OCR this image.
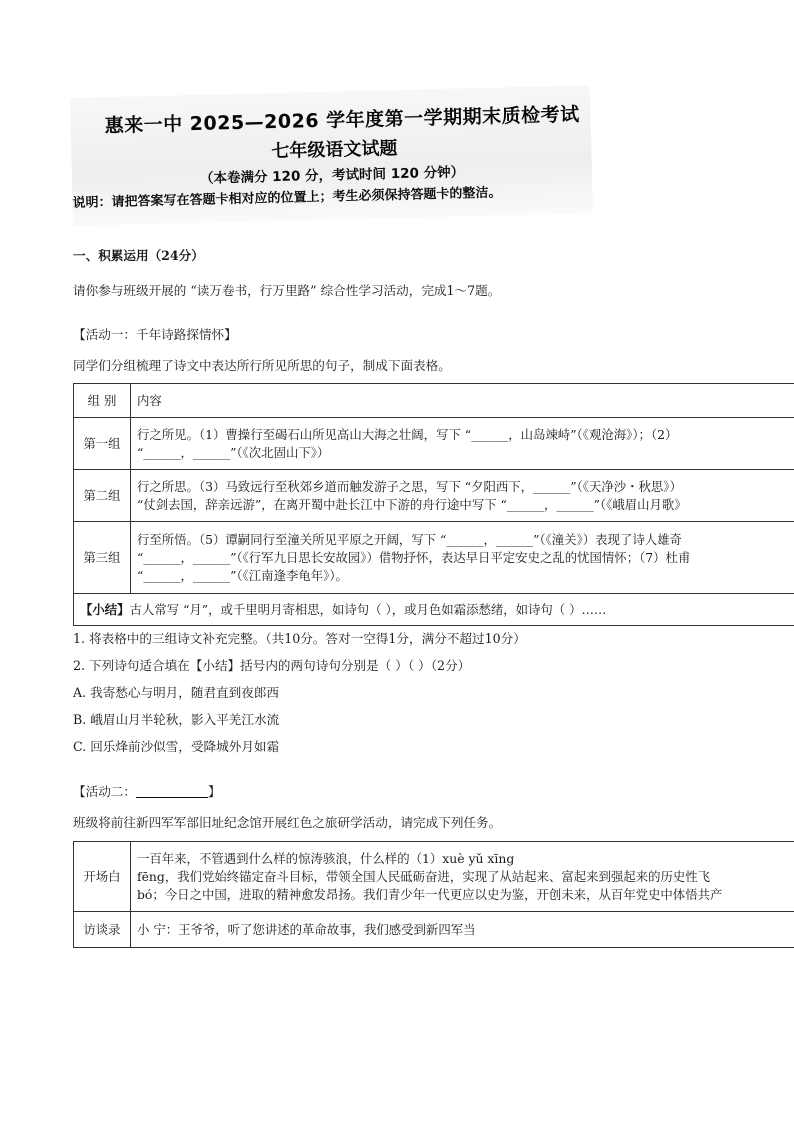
惠来一中 2025—2026 学年度第一学期期末质检考试
七年级语文试题
（本卷满分 120 分，考试时间 120 分钟）
说明：请把答案写在答题卡相对应的位置上；考生必须保持答题卡的整洁。
一、积累运用（24分）
请你参与班级开展的 “读万卷书，行万里路” 综合性学习活动，完成1～7题。
【活动一：千年诗路探情怀】
同学们分组梳理了诗文中表达所行所见所思的句子，制成下面表格。
组 别	内容
第一组	行之所见。（1）曹操行至碣石山所见高山大海之壮阔，写下 “______，山岛竦峙”（《观沧海》）；（2）
“______，______”（《次北固山下》）

第二组	行之所思。（3）马致远行至秋郊乡道而触发游子之思，写下 “夕阳西下，______”（《天净沙・秋思》）
“仗剑去国，辞亲远游”，在离开蜀中赴长江中下游的舟行途中写下 “______，______”（《峨眉山月歌》

第三组	行至所悟。（5）谭嗣同行至潼关所见平原之开阔，写下 “______，______”（《潼关》）表现了诗人雄奇
“______，______”（《行军九日思长安故园》）借物抒怀，表达早日平定安史之乱的忧国情怀；（7）杜甫
“______，______”（《江南逢李龟年》）。

【小结】古人常写 “月”，或千里明月寄相思，如诗句（ ），或月色如霜添愁绪，如诗句（ ）……	
1. 将表格中的三组诗文补充完整。（共10分。答对一空得1分，满分不超过10分）
2. 下列诗句适合填在【小结】括号内的两句诗句分别是（ ）（ ）（2分）
A. 我寄愁心与明月，随君直到夜郎西
B. 峨眉山月半轮秋，影入平羌江水流
C. 回乐烽前沙似雪，受降城外月如霜
【活动二：	】
班级将前往新四军军部旧址纪念馆开展红色之旅研学活动，请完成下列任务。
开场白	一百年来，不管遇到什么样的惊涛骇浪，什么样的（1）xuè yǔ xīng
fēng，我们党始终锚定奋斗目标，带领全国人民砥砺奋进，实现了从站起来、富起来到强起来的历史性飞
bó；今日之中国，进取的精神愈发昂扬。我们青少年一代更应以史为鉴，开创未来，从百年党史中体悟共产

访谈录	小 宁：王爷爷，听了您讲述的革命故事，我们感受到新四军当
